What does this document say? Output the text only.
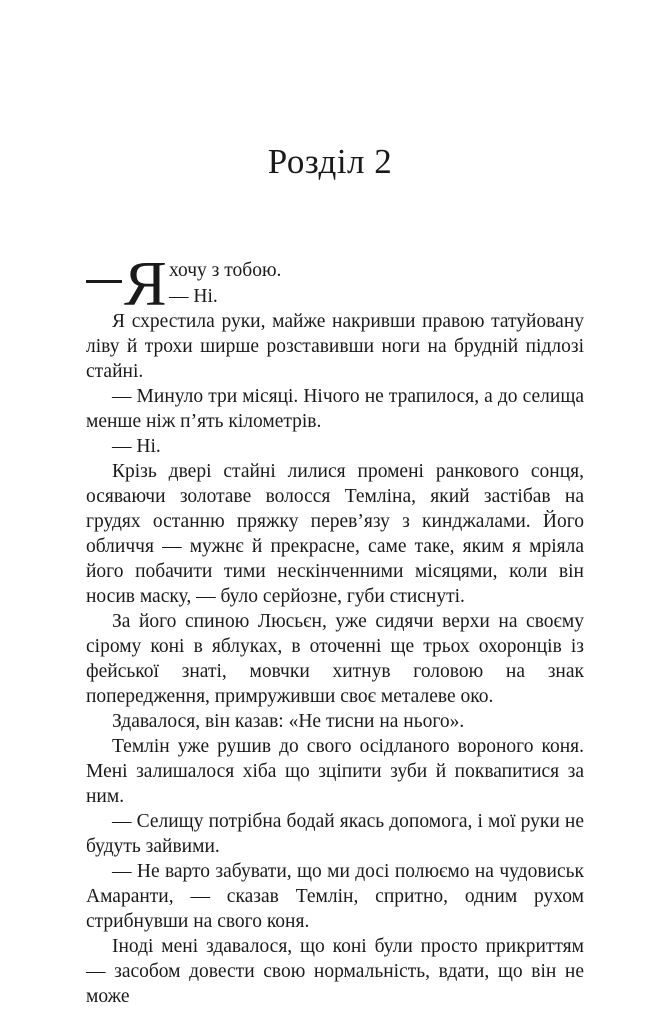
Розділ 2
Я хочу з тобою.
— Ні.

Я схрестила руки, майже накривши правою татуйовану ліву й трохи ширше розставивши ноги на брудній підлозі стайні.

— Минуло три місяці. Нічого не трапилося, а до селища менше ніж п’ять кілометрів.

— Ні.

Крізь двері стайні лилися промені ранкового сонця, осяваючи золотаве волосся Темліна, який застібав на грудях останню пряжку перев’язу з кинджалами. Його обличчя — мужнє й прекрасне, саме таке, яким я мріяла його побачити тими нескінченними місяцями, коли він носив маску, — було серйозне, губи стиснуті.

За його спиною Люсьєн, уже сидячи верхи на своєму сірому коні в яблуках, в оточенні ще трьох охоронців із фейської знаті, мовчки хитнув головою на знак попередження, примруживши своє металеве око.

Здавалося, він казав: «Не тисни на нього».

Темлін уже рушив до свого осідланого вороного коня. Мені залишалося хіба що зціпити зуби й поквапитися за ним.

— Селищу потрібна бодай якась допомога, і мої руки не будуть зайвими.

— Не варто забувати, що ми досі полюємо на чудовиськ Амаранти, — сказав Темлін, спритно, одним рухом стрибнувши на свого коня.

Іноді мені здавалося, що коні були просто прикриттям — засобом довести свою нормальність, вдати, що він не може
